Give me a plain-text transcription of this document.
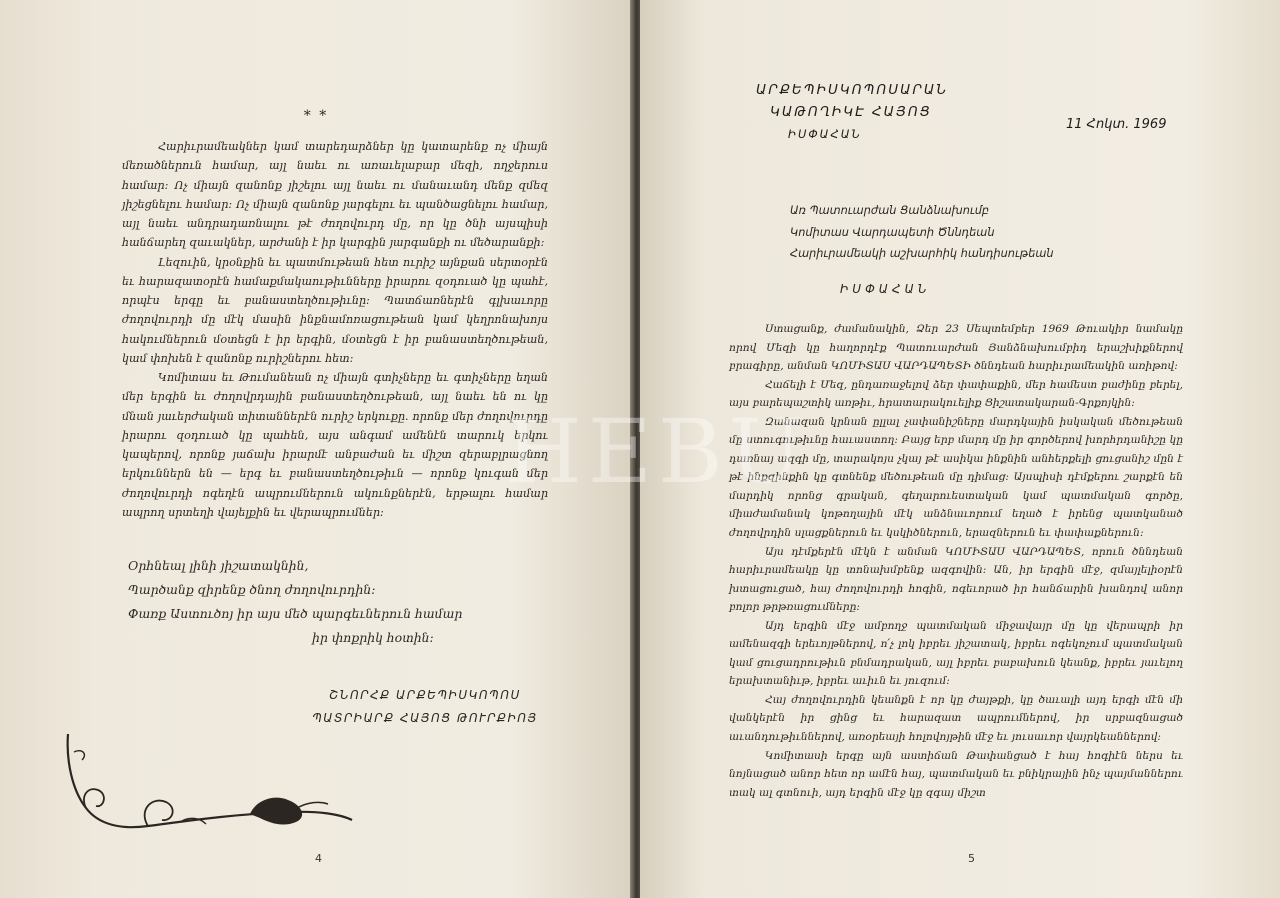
* *

Հարիւրամեակներ կամ տարեդարձներ կը կատարենք ոչ միայն մեռածներուն համար, այլ նաեւ ու առաւելաբար մեզի, ողջերուս համար: Ոչ միայն զանոնք յիշելու այլ նաեւ ու մանաւանդ մենք զմեզ յիշեցնելու համար: Ոչ միայն զանոնք յարգելու եւ պանծացնելու համար, այլ նաեւ անդրադառնալու թէ ժողովուրդ մը, որ կը ծնի այսպիսի հանճարեղ զաւակներ, արժանի է իր կարգին յարգանքի ու մեծարանքի:

Լեզուին, կրօնքին եւ պատմութեան հետ ուրիշ այնքան սերտօրէն եւ հարազատօրէն համաքմակաութիւնները իրարու զօդուած կը պահէ, որպէս երգը եւ բանաստեղծութիւնը: Պատճառներէն գլխաւորը ժողովուրդի մը մէկ մասին ինքնամոռացութեան կամ կեղրոնախոյս հակումներուն մօտեցն է իր երգին, մօտեցն է իր բանաստեղծութեան, կամ փոխեն է զանոնք ուրիշներու հետ:

Կոմիտաս եւ Թումանեան ոչ միայն գտիչները եւ գտիչները եղան մեր երգին եւ ժողովրդային բանաստեղծութեան, այլ նաեւ են ու կը մնան յաւերժական տիտաններէն ուրիշ երկուքը. որոնք մեր ժողովուրդը իրարու զօդուած կը պահեն, այս անգամ ամենէն տարուկ երկու կապերով, որոնք յաճախ իրարմէ անբաժան եւ միշտ զերաբլրացնող երկուններն են — երգ եւ բանաստեղծութիւն — որոնք կուգան մեր ժողովուրդի ոգեղէն ապրումներուն ակունքներէն, երթալու համար ապրող սրտեղի վայելքին եւ վերապրումներ:

Օրհնեալ լինի յիշատակնին,
Պարծանք զիրենք ծնող ժողովուրդին:
Փառք Աստուծոյ իր այս մեծ պարգեւներուն համար
իր փոքրիկ հօտին:
ՇՆՈՐՀՔ ԱՐՔԵՊԻՍԿՈՊՈՍ
ՊԱՏՐԻԱՐՔ ՀԱՅՈՑ ԹՈՒՐՔԻՈՅ
4
ԱՐՔԵՊԻՍԿՈՊՈՍԱՐԱՆ
ԿԱԹՈՂԻԿԷ ՀԱՅՈՑ
ԻՍՓԱՀԱՆ
11 Հոկտ. 1969
Առ Պատուարժան Ցանձնախումբ
Կոմիտաս Վարդապետի Ծննդեան
Հարիւրամեակի աշխարհիկ հանդիսութեան
ԻՍՓԱՀԱՆ

Ստացանք, ժամանակին, Ձեր 23 Սեպտեմբեր 1969 Թուակիր նամակը որով Մեզի կը հաղորդէք Պատուարժան Յանձնախումբիդ երաշխիքներով բրագիրը, անման ԿՈՄԻՏԱՍ ՎԱՐԴԱՊԵՏԻ ծննդեան հարիւրամեակին առիթով:

Հաճելի է Մեզ, ընդառաջելով ձեր փափաքին, մեր համեստ բաժինը բերել, այս բարեպաշտիկ առթիւ, հրատարակուելիք Ցիշատակարան-Գրքոյկին:

Զանազան կրնան ըլլալ չափանիշները մարդկային իսկական մեծութեան մը ստուգութիւնը հաւաստող: Բայց երբ մարդ մը իր գործերով խորհրդանիշը կը դառնայ ազգի մը, տարակոյս չկայ թէ ասիկա ինքնին անհերքելի ցուցանիշ մըն է թէ ինքզինքին կը գտնենք մեծութեան մը դիմաց: Այսպիսի դէմքերու շարքէն են մարդիկ որոնց գրական, գեղարուեստական կամ պատմական գործը, միաժամանակ կոթողային մէկ անձնաւորում եղած է իրենց պատկանած ժողովրդին սլացքներուն եւ կսկիծներուն, երազներուն եւ փափաքներուն:

Այս դէմքերէն մէկն է անման ԿՈՄԻՏԱՍ ՎԱՐԴԱՊԵՏ, որուն ծննդեան հարիւրամեակը կը տոնախմբենք ազգովին: Ան, իր երգին մէջ, զմայլելիօրէն խտացուցած, հայ ժողովուրդի հոգին, ոգեւորած իր հանճարին խանդով անոր բոլոր թրթռացումները:

Այդ երգին մէջ ամբողջ պատմական միջավայր մը կը վերապրի իր ամենազգի երեւոյթներով, ո՛չ լոկ իբրեւ յիշատակ, իբրեւ ոգեկոչում պատմական կամ ցուցադրութիւն բնմադրական, այլ իբրեւ բաբախուն կեանք, իբրեւ յաւելող երախտանիւթ, իբրեւ աւիւն եւ յուզում:

Հայ ժողովուրդին կեանքն է որ կը ժայթքի, կը ծաւալի այդ երգի մէն մի վանկերէն իր ցինց եւ հարազատ ապրումներով, իր սրբազնացած աւանդութիւններով, առօրեայի հոլովոյթին մէջ եւ յուսաւոր վայրկեաններով:

Կոմիտասի երգը այն աստիճան Թափանցած է հայ հոգիէն ներս եւ նոյնացած անոր հետ որ ամէն հայ, պատմական եւ բնիկրային ինչ պայմաններու տակ ալ գտնուի, այդ երգին մէջ կը զգայ միշտ

5
HEBU
